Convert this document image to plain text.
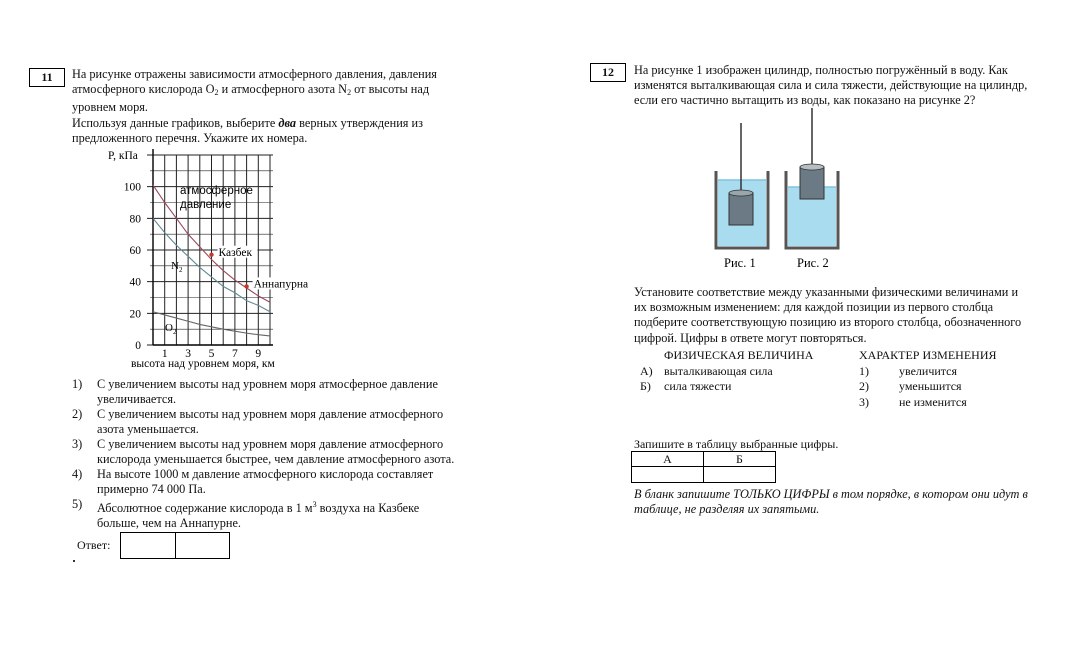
11	На рисунке отражены зависимости атмосферного давления, давления
атмосферного кислорода $O_2$ и атмосферного азота $N_2$ от высоты над
уровнем моря.
Используя данные графиков, выберите два верных утверждения из
предложенного перечня. Укажите их номера.
0
20
40
60
80
100
1 3 5 7 9
P, кПа
атмосферное
давление
$N_2$
$O_2$
Казбек
Аннапурна
высота над уровнем моря, км
1) С увеличением высоты над уровнем моря атмосферное давление
увеличивается.
2) С увеличением высоты над уровнем моря давление атмосферного
азота уменьшается.
3) С увеличением высоты над уровнем моря давление атмосферного
кислорода уменьшается быстрее, чем давление атмосферного азота.
4) На высоте 1000 м давление атмосферного кислорода составляет
примерно 74 000 Па.
5) Абсолютное содержание кислорода в 1 $м^3$ воздуха на Казбеке
больше, чем на Аннапурне.
Ответ:

12	На рисунке 1 изображен цилиндр, полностью погружённый в воду. Как
изменятся выталкивающая сила и сила тяжести, действующие на цилиндр,
если его частично вытащить из воды, как показано на рисунке 2?
Рис. 1	Рис. 2
Установите соответствие между указанными физическими величинами и
их возможным изменением: для каждой позиции из первого столбца
подберите соответствующую позицию из второго столбца, обозначенного
цифрой. Цифры в ответе могут повторяться.
ФИЗИЧЕСКАЯ ВЕЛИЧИНА	ХАРАКТЕР ИЗМЕНЕНИЯ
А) выталкивающая сила
Б) сила тяжести
1)	увеличится
2)	уменьшится
3)	не изменится
Запишите в таблицу выбранные цифры.
А	Б

В бланк запишите ТОЛЬКО ЦИФРЫ в том порядке, в котором они идут в
таблице, не разделяя их запятыми.
